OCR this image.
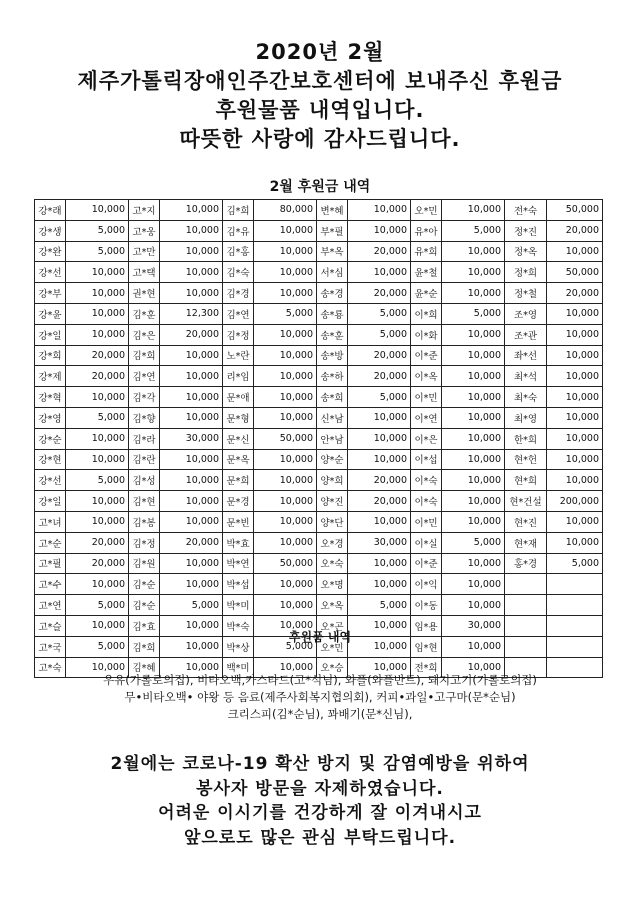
2020년 2월
제주가톨릭장애인주간보호센터에 보내주신 후원금
후원물품 내역입니다.
따뜻한 사랑에 감사드립니다.
2월 후원금 내역
강*래	10,000	고*지	10,000	김*희	80,000	변*혜	10,000	오*민	10,000	전*숙	50,000
강*생	5,000	고*웅	10,000	김*유	10,000	부*필	10,000	유*아	5,000	정*진	20,000
강*완	5,000	고*만	10,000	김*홍	10,000	부*옥	20,000	유*희	10,000	정*옥	10,000
강*선	10,000	고*택	10,000	김*숙	10,000	서*심	10,000	윤*철	10,000	정*희	50,000
강*부	10,000	권*현	10,000	김*경	10,000	송*경	20,000	윤*순	10,000	정*철	20,000
강*윤	10,000	김*훈	12,300	김*연	5,000	송*룡	5,000	이*희	5,000	조*영	10,000
강*일	10,000	김*은	20,000	김*정	10,000	송*훈	5,000	이*화	10,000	조*관	10,000
강*희	20,000	김*희	10,000	노*란	10,000	송*방	20,000	이*준	10,000	좌*선	10,000
강*제	20,000	김*연	10,000	리*임	10,000	송*하	20,000	이*옥	10,000	최*석	10,000
강*혁	10,000	김*각	10,000	문*애	10,000	송*희	5,000	이*민	10,000	최*숙	10,000
강*영	5,000	김*향	10,000	문*형	10,000	신*남	10,000	이*연	10,000	최*영	10,000
강*순	10,000	김*라	30,000	문*신	50,000	안*남	10,000	이*은	10,000	한*희	10,000
강*현	10,000	김*란	10,000	문*옥	10,000	양*순	10,000	이*섭	10,000	현*헌	10,000
강*선	5,000	김*성	10,000	문*희	10,000	양*희	20,000	이*숙	10,000	현*희	10,000
강*일	10,000	김*현	10,000	문*경	10,000	양*진	20,000	이*숙	10,000	현*건설	200,000
고*녀	10,000	김*봉	10,000	문*빈	10,000	양*단	10,000	이*민	10,000	현*진	10,000
고*순	20,000	김*정	20,000	박*효	10,000	오*경	30,000	이*실	5,000	현*재	10,000
고*필	20,000	김*원	10,000	박*연	50,000	오*숙	10,000	이*준	10,000	홍*경	5,000
고*수	10,000	김*순	10,000	박*섭	10,000	오*명	10,000	이*익	10,000		
고*연	5,000	김*순	5,000	박*미	10,000	오*옥	5,000	이*동	10,000		
고*슬	10,000	김*효	10,000	박*숙	10,000	오*곤	10,000	임*용	30,000		
고*국	5,000	김*희	10,000	박*상	5,000	오*민	10,000	임*현	10,000		
고*숙	10,000	김*혜	10,000	백*미	10,000	오*승	10,000	전*희	10,000		
후원품 내역
우유(가롤로의집), 비타오백,카스타드(고*석님), 와플(와플반트), 돼지고기(가롤로의집)
무•비타오백• 야왕 등 음료(제주사회복지협의회), 커피•과일•고구마(문*순님)
크리스피(김*순님), 꽈배기(문*신님),
2월에는 코로나-19 확산 방지 및 감염예방을 위하여
봉사자 방문을 자제하였습니다.
어려운 이시기를 건강하게 잘 이겨내시고
앞으로도 많은 관심 부탁드립니다.
